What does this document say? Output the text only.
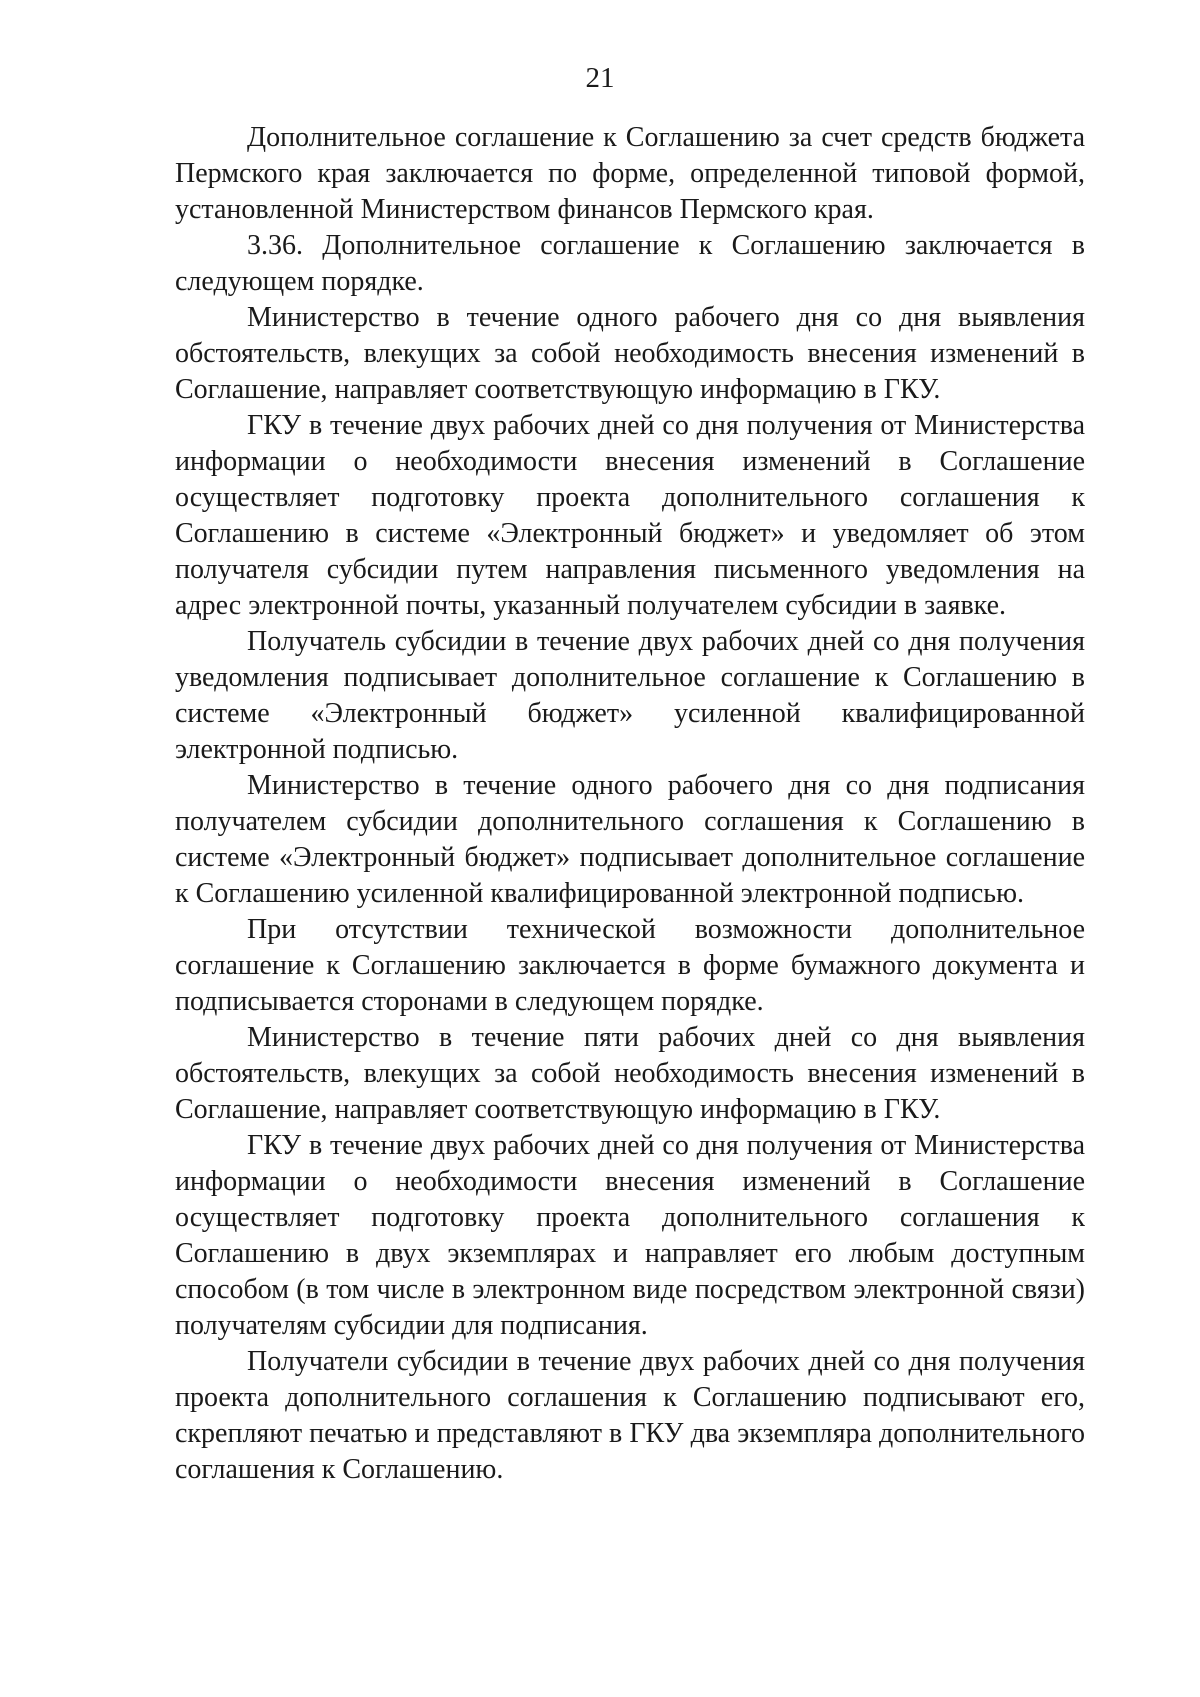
21

Дополнительное соглашение к Соглашению за счет средств бюджета Пермского края заключается по форме, определенной типовой формой, установленной Министерством финансов Пермского края.

3.36. Дополнительное соглашение к Соглашению заключается в следующем порядке.

Министерство в течение одного рабочего дня со дня выявления обстоятельств, влекущих за собой необходимость внесения изменений в Соглашение, направляет соответствующую информацию в ГКУ.

ГКУ в течение двух рабочих дней со дня получения от Министерства информации о необходимости внесения изменений в Соглашение осуществляет подготовку проекта дополнительного соглашения к Соглашению в системе «Электронный бюджет» и уведомляет об этом получателя субсидии путем направления письменного уведомления на адрес электронной почты, указанный получателем субсидии в заявке.

Получатель субсидии в течение двух рабочих дней со дня получения уведомления подписывает дополнительное соглашение к Соглашению в системе «Электронный бюджет» усиленной квалифицированной электронной подписью.

Министерство в течение одного рабочего дня со дня подписания получателем субсидии дополнительного соглашения к Соглашению в системе «Электронный бюджет» подписывает дополнительное соглашение к Соглашению усиленной квалифицированной электронной подписью.

При отсутствии технической возможности дополнительное соглашение к Соглашению заключается в форме бумажного документа и подписывается сторонами в следующем порядке.

Министерство в течение пяти рабочих дней со дня выявления обстоятельств, влекущих за собой необходимость внесения изменений в Соглашение, направляет соответствующую информацию в ГКУ.

ГКУ в течение двух рабочих дней со дня получения от Министерства информации о необходимости внесения изменений в Соглашение осуществляет подготовку проекта дополнительного соглашения к Соглашению в двух экземплярах и направляет его любым доступным способом (в том числе в электронном виде посредством электронной связи) получателям субсидии для подписания.

Получатели субсидии в течение двух рабочих дней со дня получения проекта дополнительного соглашения к Соглашению подписывают его, скрепляют печатью и представляют в ГКУ два экземпляра дополнительного соглашения к Соглашению.
